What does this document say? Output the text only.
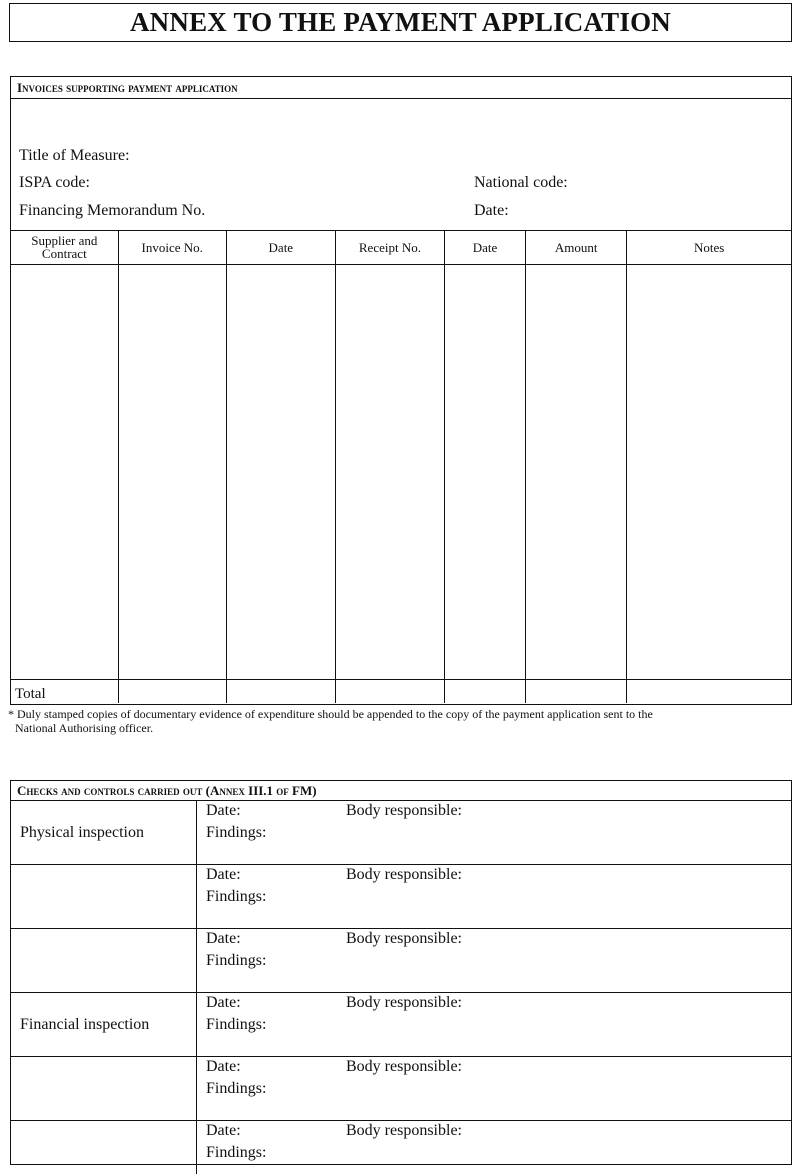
ANNEX TO THE PAYMENT APPLICATION
Invoices supporting payment application
Title of Measure:
ISPA code:	National code:
Financing Memorandum No.	Date:
Supplier and Contract	Invoice No.	Date	Receipt No.	Date	Amount	Notes

Total						
* Duly stamped copies of documentary evidence of expenditure should be appended to the copy of the payment application sent to the
National Authorising officer.
Checks and controls carried out (Annex III.1 of FM)
Physical inspection
Date:	Body responsible:
Findings:
Date:	Body responsible:
Findings:
Date:	Body responsible:
Findings:
Financial inspection
Date:	Body responsible:
Findings:
Date:	Body responsible:
Findings:
Date:	Body responsible:
Findings:
